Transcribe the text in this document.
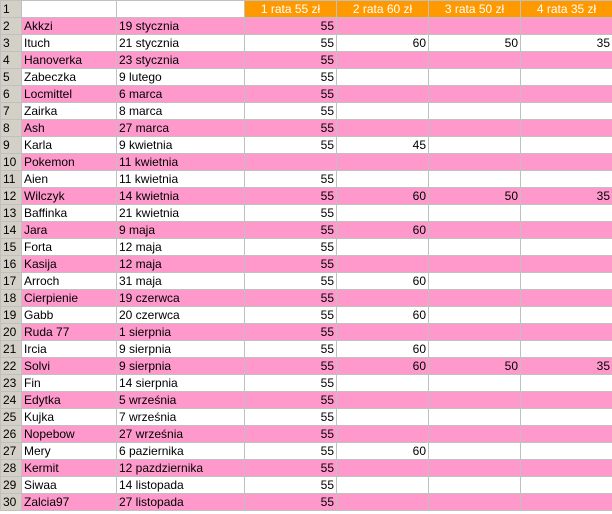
1			1 rata 55 zł	2 rata 60 zł	3 rata 50 zł	4 rata 35 zł
2	Akkzi	19 stycznia	55			
3	Ituch	21 stycznia	55	60	50	35
4	Hanoverka	23 stycznia	55			
5	Zabeczka	9 lutego	55			
6	Locmittel	6 marca	55			
7	Zairka	8 marca	55			
8	Ash	27 marca	55			
9	Karla	9 kwietnia	55	45		
10	Pokemon	11 kwietnia				
11	Aien	11 kwietnia	55			
12	Wilczyk	14 kwietnia	55	60	50	35
13	Baffinka	21 kwietnia	55			
14	Jara	9 maja	55	60		
15	Forta	12 maja	55			
16	Kasija	12 maja	55			
17	Arroch	31 maja	55	60		
18	Cierpienie	19 czerwca	55			
19	Gabb	20 czerwca	55	60		
20	Ruda 77	1 sierpnia	55			
21	Ircia	9 sierpnia	55	60		
22	Solvi	9 sierpnia	55	60	50	35
23	Fin	14 sierpnia	55			
24	Edytka	5 września	55			
25	Kujka	7 września	55			
26	Nopebow	27 września	55			
27	Mery	6 paziernika	55	60		
28	Kermit	12 pazdziernika	55			
29	Siwaa	14 listopada	55			
30	Zalcia97	27 listopada	55			
